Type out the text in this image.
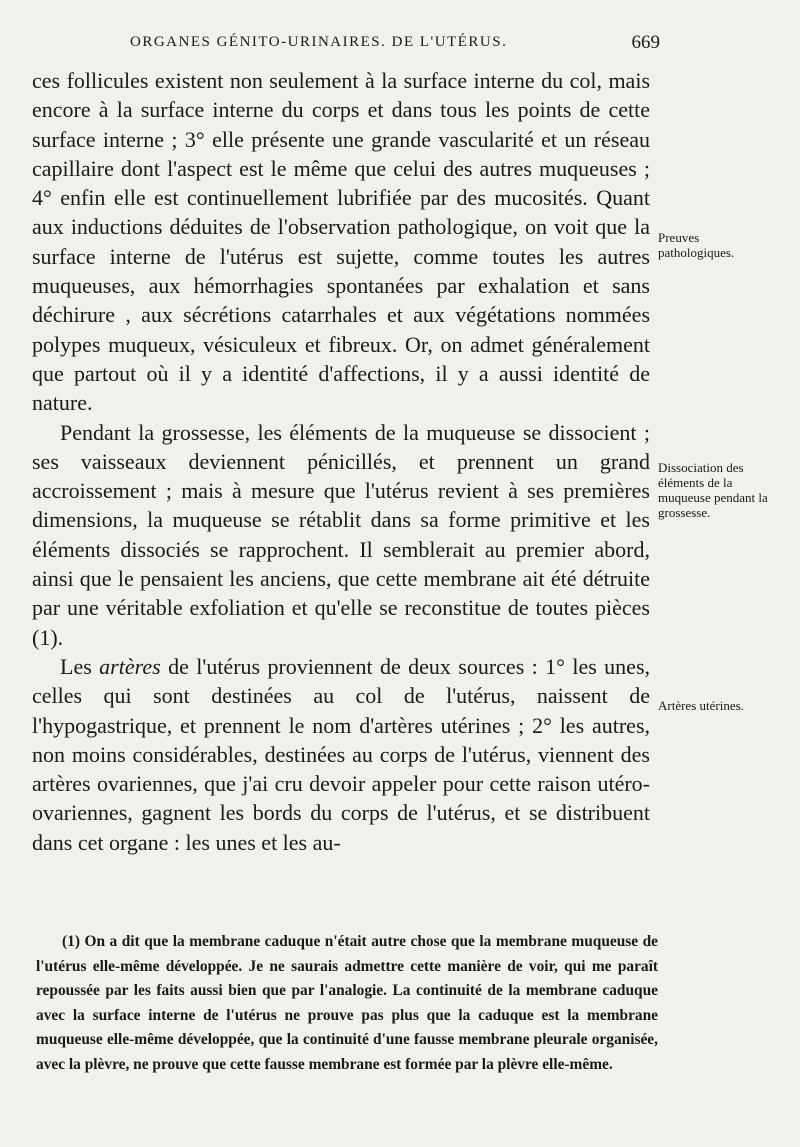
ORGANES GÉNITO-URINAIRES. DE L'UTÉRUS.	669

ces follicules existent non seulement à la surface interne du col, mais encore à la surface interne du corps et dans tous les points de cette surface interne ; 3° elle présente une grande vascularité et un réseau capillaire dont l'aspect est le même que celui des autres muqueuses ; 4° enfin elle est continuellement lubrifiée par des mucosités. Quant aux inductions déduites de l'observation pathologique, on voit que la surface interne de l'utérus est sujette, comme toutes les autres muqueuses, aux hémorrhagies spontanées par exhalation et sans déchirure , aux sécrétions catarrhales et aux végétations nommées polypes muqueux, vésiculeux et fibreux. Or, on admet généralement que partout où il y a identité d'affections, il y a aussi identité de nature.

Pendant la grossesse, les éléments de la muqueuse se dissocient ; ses vaisseaux deviennent pénicillés, et prennent un grand accroissement ; mais à mesure que l'utérus revient à ses premières dimensions, la muqueuse se rétablit dans sa forme primitive et les éléments dissociés se rapprochent. Il semblerait au premier abord, ainsi que le pensaient les anciens, que cette membrane ait été détruite par une véritable exfoliation et qu'elle se reconstitue de toutes pièces (1).

Les artères de l'utérus proviennent de deux sources : 1° les unes, celles qui sont destinées au col de l'utérus, naissent de l'hypogastrique, et prennent le nom d'artères utérines ; 2° les autres, non moins considérables, destinées au corps de l'utérus, viennent des artères ovariennes, que j'ai cru devoir appeler pour cette raison utéro-ovariennes, gagnent les bords du corps de l'utérus, et se distribuent dans cet organe : les unes et les au-

Preuves pathologiques.
Dissociation des éléments de la muqueuse pendant la grossesse.
Artères utérines.

(1) On a dit que la membrane caduque n'était autre chose que la membrane muqueuse de l'utérus elle-même développée. Je ne saurais admettre cette manière de voir, qui me paraît repoussée par les faits aussi bien que par l'analogie. La continuité de la membrane caduque avec la surface interne de l'utérus ne prouve pas plus que la caduque est la membrane muqueuse elle-même développée, que la continuité d'une fausse membrane pleurale organisée, avec la plèvre, ne prouve que cette fausse membrane est formée par la plèvre elle-même.
